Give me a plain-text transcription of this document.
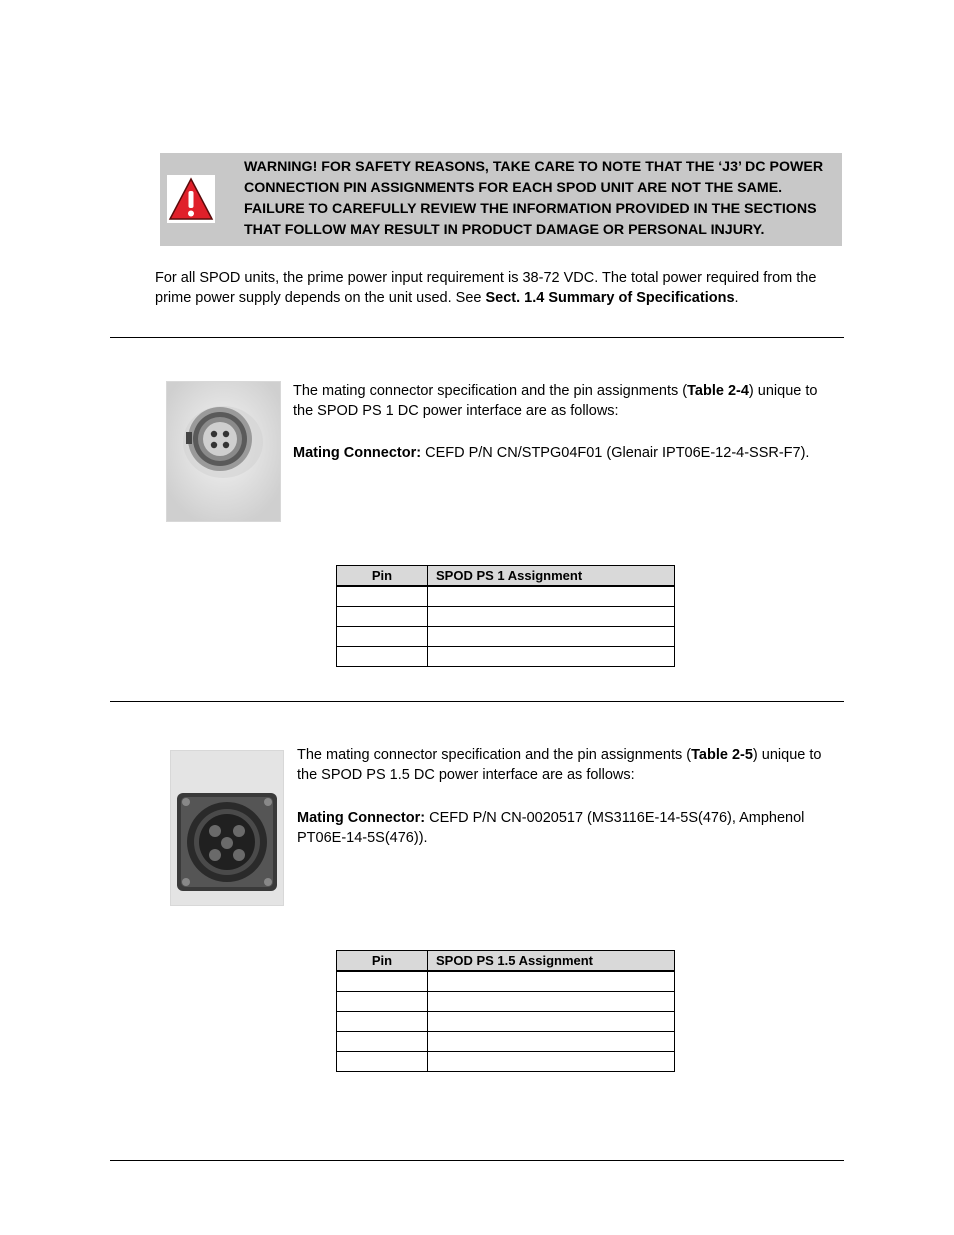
WARNING! FOR SAFETY REASONS, TAKE CARE TO NOTE THAT THE ‘J3’ DC POWER CONNECTION PIN ASSIGNMENTS FOR EACH SPOD UNIT ARE NOT THE SAME. FAILURE TO CAREFULLY REVIEW THE INFORMATION PROVIDED IN THE SECTIONS THAT FOLLOW MAY RESULT IN PRODUCT DAMAGE OR PERSONAL INJURY.
For all SPOD units, the prime power input requirement is 38-72 VDC. The total power required from the prime power supply depends on the unit used. See Sect. 1.4 Summary of Specifications.
The mating connector specification and the pin assignments (Table 2-4) unique to the SPOD PS 1 DC power interface are as follows:
Mating Connector: CEFD P/N CN/STPG04F01 (Glenair IPT06E-12-4-SSR-F7).
Pin	SPOD PS 1 Assignment

The mating connector specification and the pin assignments (Table 2-5) unique to the SPOD PS 1.5 DC power interface are as follows:
Mating Connector: CEFD P/N CN-0020517 (MS3116E-14-5S(476), Amphenol PT06E-14-5S(476)).
Pin	SPOD PS 1.5 Assignment
